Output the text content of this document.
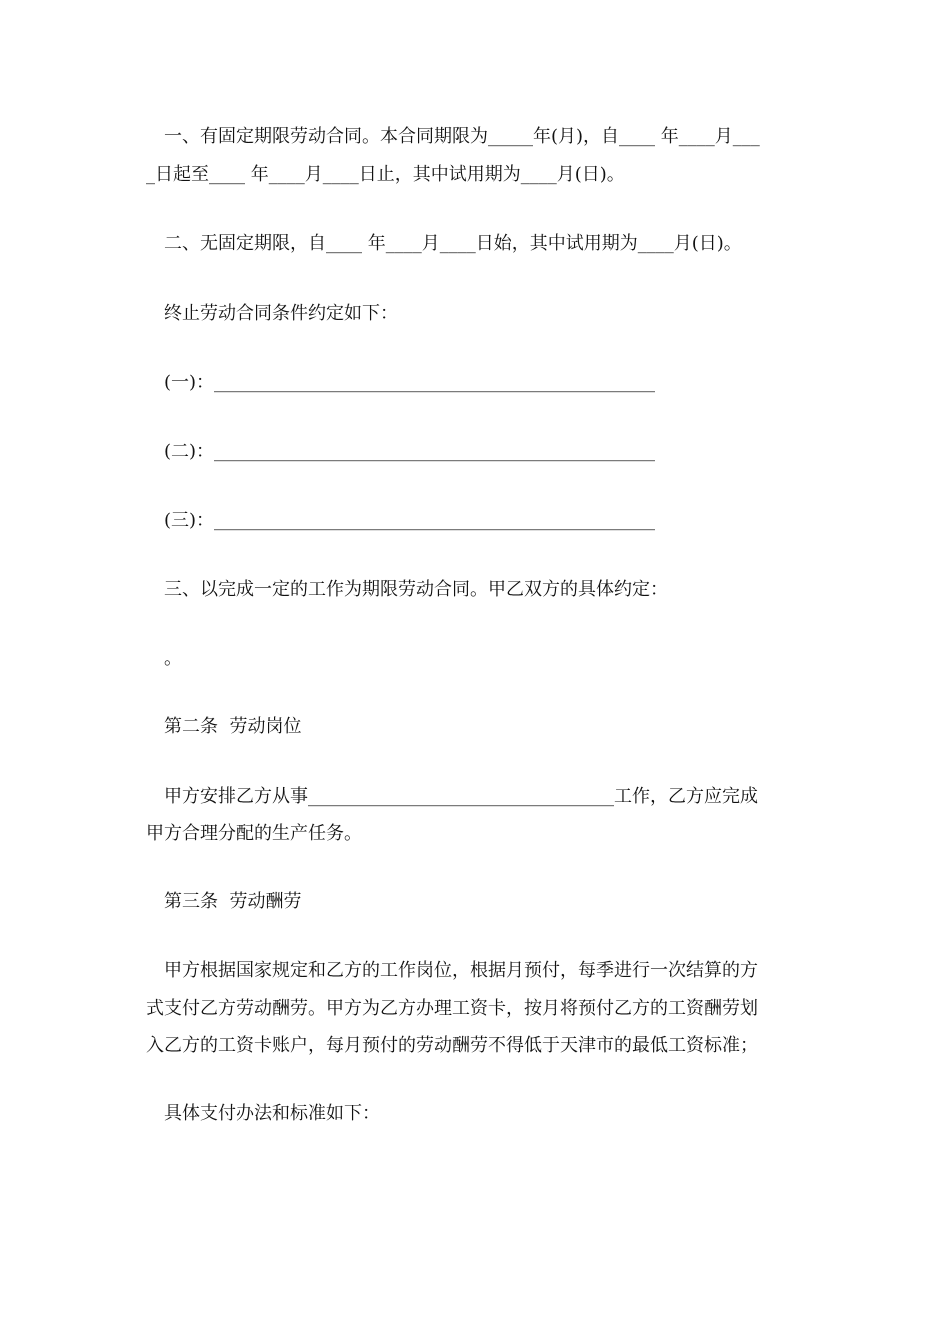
一、有固定期限劳动合同。本合同期限为_____年(月)，自____ 年____月___
_日起至____ 年____月____日止，其中试用期为____月(日)。
二、无固定期限，自____ 年____月____日始，其中试用期为____月(日)。
终止劳动合同条件约定如下：
(一)：_________________________________________________
(二)：_________________________________________________
(三)：_________________________________________________
三、以完成一定的工作为期限劳动合同。甲乙双方的具体约定：
。
第二条  劳动岗位
甲方安排乙方从事__________________________________工作，乙方应完成
甲方合理分配的生产任务。
第三条  劳动酬劳
甲方根据国家规定和乙方的工作岗位，根据月预付，每季进行一次结算的方
式支付乙方劳动酬劳。甲方为乙方办理工资卡，按月将预付乙方的工资酬劳划
入乙方的工资卡账户，每月预付的劳动酬劳不得低于天津市的最低工资标准；
具体支付办法和标准如下：
